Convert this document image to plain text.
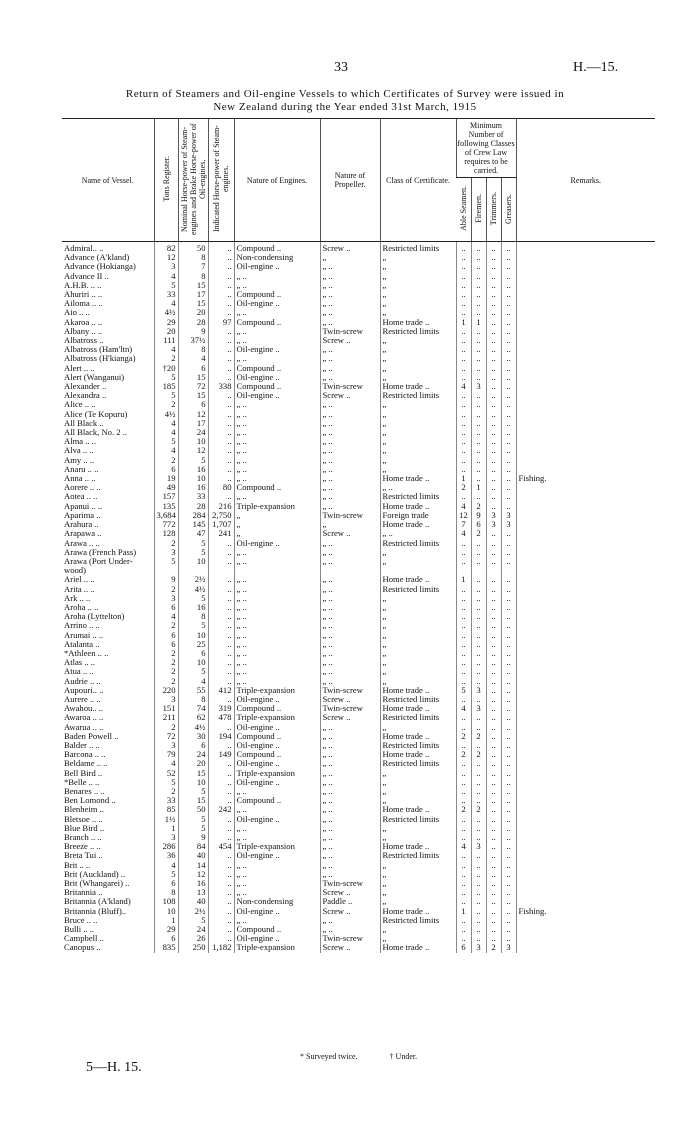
33	H.—15.
Return of Steamers and Oil-engine Vessels to which Certificates of Survey were issued in
New Zealand during the Year ended 31st March, 1915
Name of Vessel.	Tons Register.	Nominal Horse-power of Steam-engines and Brake Horse-power of Oil-engines.	Indicated Horse-power of Steam-engines.	Nature of Engines.	Nature of Propeller.	Class of Certificate.	Minimum Number of following Classes of Crew Law requires to be carried.				Remarks.
							Able Seamen.	Firemen.	Trimmers.	Greasers.	
Admiral.. ..	82	50	..	Compound ..	Screw ..	Restricted limits	..	..	..	..	
Advance (A'kland)	12	8	..	Non-condensing	„	„	..	..	..	..	
Advance (Hokianga)	3	7	..	Oil-engine ..	„ ..	„	..	..	..	..	
Advance II ..	4	8	..	„ ..	„ ..	„	..	..	..	..	
A.H.B. .. ..	5	15	..	„ ..	„ ..	„	..	..	..	..	
Ahuriri .. ..	33	17	..	Compound ..	„ ..	„	..	..	..	..	
Ailoma .. ..	4	15	..	Oil-engine ..	„ ..	„	..	..	..	..	
Aio .. ..	4½	20	..	„ ..	„ ..	„	..	..	..	..	
Akaroa .. ..	29	28	97	Compound ..	„ ..	Home trade ..	1	1	..	..	
Albany .. ..	20	9	..	„ ..	Twin-screw	Restricted limits	..	..	..	..	
Albatross ..	111	37½	..	„ ..	Screw ..	„	..	..	..	..	
Albatross (Ham'ltn)	4	8	..	Oil-engine ..	„ ..	„	..	..	..	..	
Albatross (H'kianga)	2	4	..	„ ..	„ ..	„	..	..	..	..	
Alert .. ..	†20	6	..	Compound ..	„ ..	„	..	..	..	..	
Alert (Wanganui)	5	15	..	Oil-engine ..	„ ..	„	..	..	..	..	
Alexander ..	185	72	338	Compound ..	Twin-screw	Home trade ..	4	3	..	..	
Alexandra ..	5	15	..	Oil-engine ..	Screw ..	Restricted limits	..	..	..	..	
Alice .. ..	2	6	..	„ ..	„ ..	„	..	..	..	..	
Alice (Te Kopuru)	4½	12	..	„ ..	„ ..	„	..	..	..	..	
All Black ..	4	17	..	„ ..	„ ..	„	..	..	..	..	
All Black, No. 2 ..	4	24	..	„ ..	„ ..	„	..	..	..	..	
Alma .. ..	5	10	..	„ ..	„ ..	„	..	..	..	..	
Alva .. ..	4	12	..	„ ..	„ ..	„	..	..	..	..	
Amy .. ..	2	5	..	„ ..	„ ..	„	..	..	..	..	
Anaru .. ..	6	16	..	„ ..	„ ..	„	..	..	..	..	
Anna .. ..	19	10	..	„ ..	„ ..	Home trade ..	1	..	..	..	Fishing.
Aorere .. ..	49	16	80	Compound ..	„ ..	„ ..	2	1	..	..	
Aotea .. ..	157	33	..	„ ..	„ ..	Restricted limits	..	..	..	..	
Apanui .. ..	135	28	216	Triple-expansion	„ ..	Home trade ..	4	2	..	..	
Aparima ..	3,684	284	2,750	„	Twin-screw	Foreign trade	12	9	3	3	
Arahura ..	772	145	1,707	„	„	Home trade ..	7	6	3	3	
Arapawa ..	128	47	241	„	Screw ..	„ ..	4	2	..	..	
Arawa .. ..	2	5	..	Oil-engine ..	„ ..	Restricted limits	..	..	..	..	
Arawa (French Pass)	3	5	..	„ ..	„ ..	„	..	..	..	..	
Arawa (Port Under-	5	10	..	„ ..	„ ..	„	..	..	..	..	
wood)											
Ariel .. ..	9	2½	..	„ ..	„ ..	Home trade ..	1	..	..	..	
Arita .. ..	2	4½	..	„ ..	„ ..	Restricted limits	..	..	..	..	
Ark .. ..	3	5	..	„ ..	„ ..	„	..	..	..	..	
Aroha .. ..	6	16	..	„ ..	„ ..	„	..	..	..	..	
Aroha (Lyttelton)	4	8	..	„ ..	„ ..	„	..	..	..	..	
Arrino .. ..	2	5	..	„ ..	„ ..	„	..	..	..	..	
Arumai .. ..	6	10	..	„ ..	„ ..	„	..	..	..	..	
Atalanta ..	6	25	..	„ ..	„ ..	„	..	..	..	..	
*Athleen .. ..	2	6	..	„ ..	„ ..	„	..	..	..	..	
Atlas .. ..	2	10	..	„ ..	„ ..	„	..	..	..	..	
Atua .. ..	2	5	..	„ ..	„ ..	„	..	..	..	..	
Audrie .. ..	2	4	..	„ ..	„ ..	„	..	..	..	..	
Aupouri.. ..	220	55	412	Triple-expansion	Twin-screw	Home trade ..	5	3	..	..	
Aurere .. ..	3	8	..	Oil-engine ..	Screw ..	Restricted limits	..	..	..	..	
Awahou.. ..	151	74	319	Compound ..	Twin-screw	Home trade ..	4	3	..	..	
Awaroa .. ..	211	62	478	Triple-expansion	Screw ..	Restricted limits	..	..	..	..	
Awarua .. ..	2	4½	..	Oil-engine ..	„ ..	„	..	..	..	..	
Baden Powell ..	72	30	194	Compound ..	„ ..	Home trade ..	2	2	..	..	
Balder .. ..	3	6	..	Oil-engine ..	„ ..	Restricted limits	..	..	..	..	
Barcona .. ..	79	24	149	Compound ..	„ ..	Home trade ..	2	2	..	..	
Beldame .. ..	4	20	..	Oil-engine ..	„ ..	Restricted limits	..	..	..	..	
Bell Bird ..	52	15	..	Triple-expansion	„ ..	„	..	..	..	..	
*Belle .. ..	5	10	..	Oil-engine ..	„ ..	„	..	..	..	..	
Benares .. ..	2	5	..	„ ..	„ ..	„	..	..	..	..	
Ben Lomond ..	33	15	..	Compound ..	„ ..	„	..	..	..	..	
Blenheim ..	85	50	242	„ ..	„ ..	Home trade ..	2	2	..	..	
Bletsoe .. ..	1½	5	..	Oil-engine ..	„ ..	Restricted limits	..	..	..	..	
Blue Bird ..	1	5	..	„ ..	„ ..	„	..	..	..	..	
Branch .. ..	3	9	..	„ ..	„ ..	„	..	..	..	..	
Breeze .. ..	286	84	454	Triple-expansion	„ ..	Home trade ..	4	3	..	..	
Breta Tui ..	36	40	..	Oil-engine ..	„ ..	Restricted limits	..	..	..	..	
Brit .. ..	4	14	..	„ ..	„ ..	„	..	..	..	..	
Brit (Auckland) ..	5	12	..	„ ..	„ ..	„	..	..	..	..	
Brit (Whangarei) ..	6	16	..	„ ..	Twin-screw	„	..	..	..	..	
Britannia ..	8	13	..	„ ..	Screw ..	„	..	..	..	..	
Britannia (A'kland)	108	40	..	Non-condensing	Paddle ..	„	..	..	..	..	
Britannia (Bluff)..	10	2½	..	Oil-engine ..	Screw ..	Home trade ..	1	..	..	..	Fishing.
Bruce .. ..	1	5	..	„ ..	„ ..	Restricted limits	..	..	..	..	
Bulli .. ..	29	24	..	Compound ..	„ ..	„	..	..	..	..	
Campbell ..	6	26	..	Oil-engine ..	Twin-screw	„	..	..	..	..	
Canopus ..	835	250	1,182	Triple-expansion	Screw ..	Home trade ..	6	3	2	3	
* Surveyed twice.	† Under.
5—H. 15.
